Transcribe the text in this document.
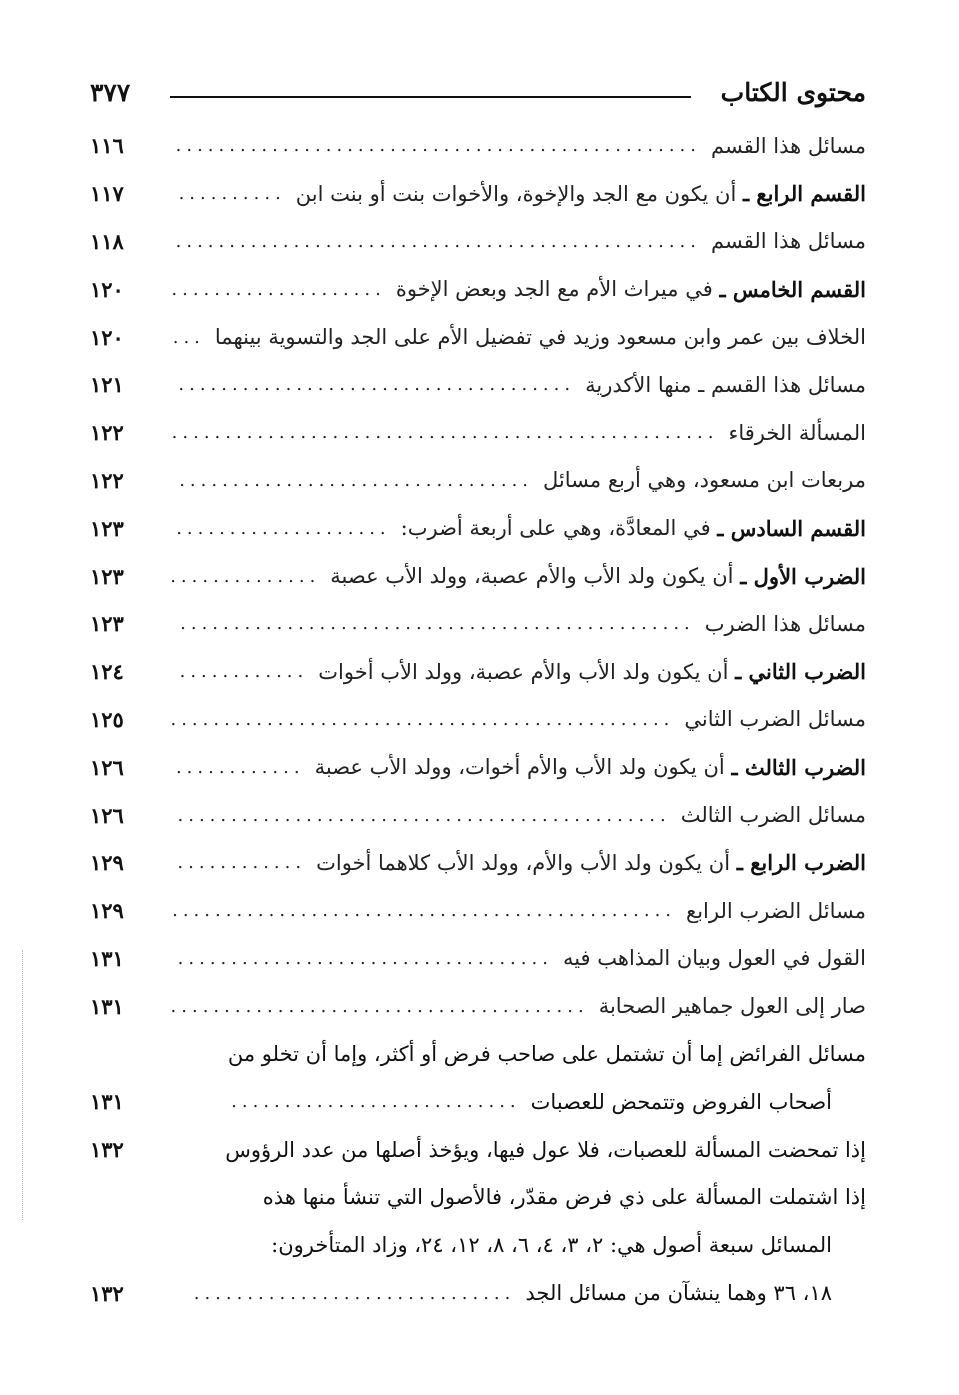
محتوى الكتاب
٣٧٧
مسائل هذا القسم
.................................................
١١٦
القسم الرابع ـ

أن يكون مع الجد والإخوة، والأخوات بنت أو بنت ابن
..........
١١٧
مسائل هذا القسم
.................................................
١١٨
القسم الخامس ـ

في ميراث الأم مع الجد وبعض الإخوة
....................
١٢٠
الخلاف بين عمر وابن مسعود وزيد في تفضيل الأم على الجد والتسوية بينهما
...
١٢٠
مسائل هذا القسم ـ منها الأكدرية
.....................................
١٢١
المسألة الخرقاء
...................................................
١٢٢
مربعات ابن مسعود، وهي أربع مسائل
.................................
١٢٢
القسم السادس ـ

في المعادَّة، وهي على أربعة أضرب:
....................
١٢٣
الضرب الأول ـ

أن يكون ولد الأب والأم عصبة، وولد الأب عصبة
..............
١٢٣
مسائل هذا الضرب
................................................
١٢٣
الضرب الثاني ـ

أن يكون ولد الأب والأم عصبة، وولد الأب أخوات
............
١٢٤
مسائل الضرب الثاني
...............................................
١٢٥
الضرب الثالث ـ

أن يكون ولد الأب والأم أخوات، وولد الأب عصبة
............
١٢٦
مسائل الضرب الثالث
..............................................
١٢٦
الضرب الرابع ـ

أن يكون ولد الأب والأم، وولد الأب كلاهما أخوات
............
١٢٩
مسائل الضرب الرابع
...............................................
١٢٩
القول في العول وبيان المذاهب فيه
...................................
١٣١
صار إلى العول جماهير الصحابة
.......................................
١٣١
مسائل الفرائض إما أن تشتمل على صاحب فرض أو أكثر، وإما أن تخلو من
أصحاب الفروض وتتمحض للعصبات
...........................
١٣١
إذا تمحضت المسألة للعصبات، فلا عول فيها، ويؤخذ أصلها من عدد الرؤوس
١٣٢
إذا اشتملت المسألة على ذي فرض مقدّر، فالأصول التي تنشأ منها هذه
المسائل سبعة أصول هي: ٢، ٣، ٤، ٦، ٨، ١٢، ٢٤، وزاد المتأخرون:
١٨، ٣٦ وهما ينشآن من مسائل الجد
..............................
١٣٢
